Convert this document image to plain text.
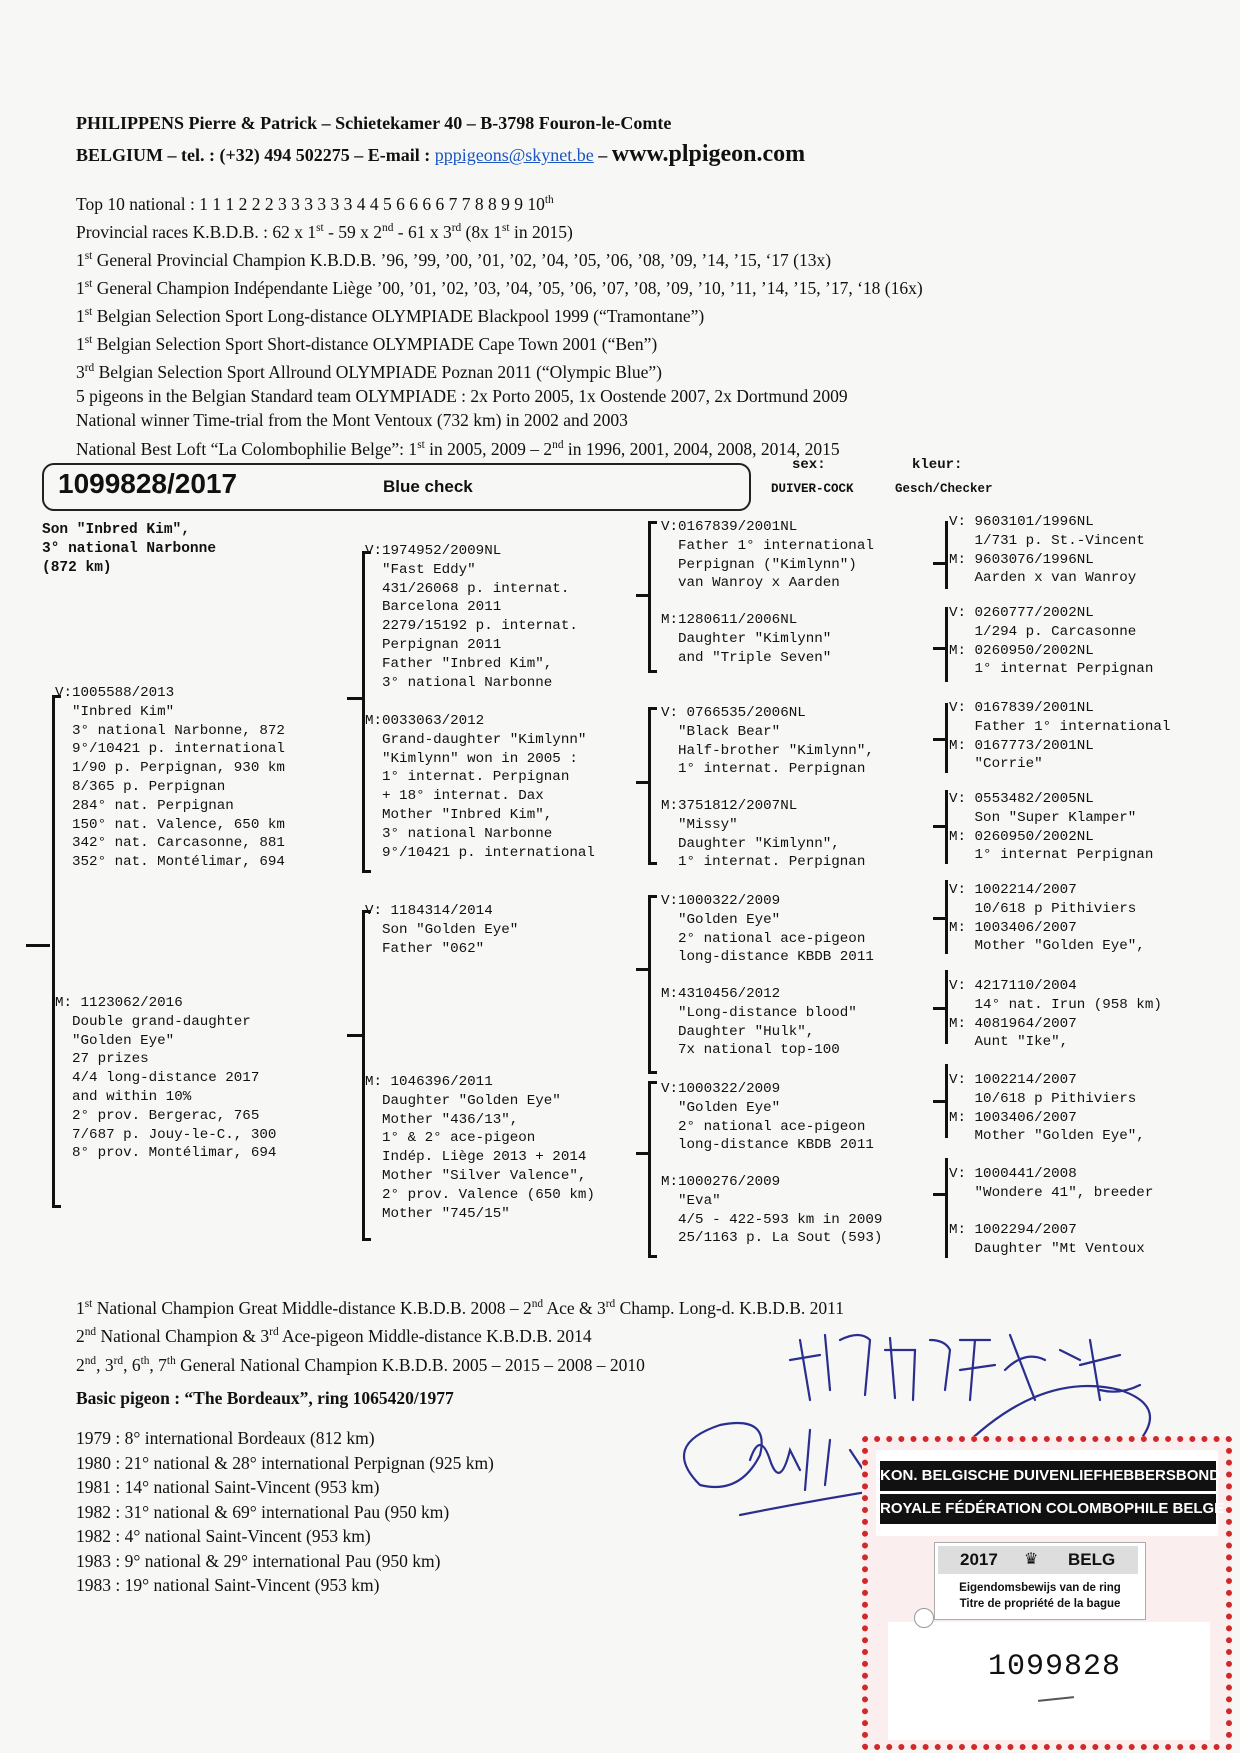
PHILIPPENS Pierre & Patrick – Schietekamer 40 – B-3798 Fouron-le-Comte
BELGIUM – tel. : (+32) 494 502275 – E-mail : pppigeons@skynet.be – www.plpigeon.com
Top 10 national : 1 1 1 2 2 2 3 3 3 3 3 3 4 4 5 6 6 6 6 7 7 8 8 9 9 10th
Provincial races K.B.D.B. : 62 x 1st - 59 x 2nd - 61 x 3rd (8x 1st in 2015)
1st General Provincial Champion K.B.D.B. ’96, ’99, ’00, ’01, ’02, ’04, ’05, ’06, ’08, ’09, ’14, ’15, ‘17 (13x)
1st General Champion Indépendante Liège ’00, ’01, ’02, ’03, ’04, ’05, ’06, ’07, ’08, ’09, ’10, ’11, ’14, ’15, ’17, ‘18 (16x)
1st Belgian Selection Sport Long-distance OLYMPIADE Blackpool 1999 (“Tramontane”)
1st Belgian Selection Sport Short-distance OLYMPIADE Cape Town 2001 (“Ben”)
3rd Belgian Selection Sport Allround OLYMPIADE Poznan 2011 (“Olympic Blue”)
5 pigeons in the Belgian Standard team OLYMPIADE : 2x Porto 2005, 1x Oostende 2007, 2x Dortmund 2009
National winner Time-trial from the Mont Ventoux (732 km) in 2002 and 2003
National Best Loft “La Colombophilie Belge”: 1st in 2005, 2009 – 2nd in 1996, 2001, 2004, 2008, 2014, 2015
1099828/2017	Blue check
sex:
DUIVER-COCK
kleur:
Gesch/Checker
Son "Inbred Kim",
3° national Narbonne
(872 km)
V:1005588/2013
"Inbred Kim"
3° national Narbonne, 872
9°/10421 p. international
1/90 p. Perpignan, 930 km
8/365 p. Perpignan
284° nat. Perpignan
150° nat. Valence, 650 km
342° nat. Carcasonne, 881
352° nat. Montélimar, 694
M: 1123062/2016
Double grand-daughter
"Golden Eye"
27 prizes
4/4 long-distance 2017
and within 10%
2° prov. Bergerac, 765
7/687 p. Jouy-le-C., 300
8° prov. Montélimar, 694
V:1974952/2009NL
"Fast Eddy"
431/26068 p. internat.
Barcelona 2011
2279/15192 p. internat.
Perpignan 2011
Father "Inbred Kim",
3° national Narbonne
M:0033063/2012
Grand-daughter "Kimlynn"
"Kimlynn" won in 2005 :
1° internat. Perpignan
+ 18° internat. Dax
Mother "Inbred Kim",
3° national Narbonne
9°/10421 p. international
V: 1184314/2014
Son "Golden Eye"
Father "062"
M: 1046396/2011
Daughter "Golden Eye"
Mother "436/13",
1° & 2° ace-pigeon
Indép. Liège 2013 + 2014
Mother "Silver Valence",
2° prov. Valence (650 km)
Mother "745/15"
V:0167839/2001NL
Father 1° international
Perpignan ("Kimlynn")
van Wanroy x Aarden
M:1280611/2006NL
Daughter "Kimlynn"
and "Triple Seven"
V: 0766535/2006NL
"Black Bear"
Half-brother "Kimlynn",
1° internat. Perpignan
M:3751812/2007NL
"Missy"
Daughter "Kimlynn",
1° internat. Perpignan
V:1000322/2009
"Golden Eye"
2° national ace-pigeon
long-distance KBDB 2011
M:4310456/2012
"Long-distance blood"
Daughter "Hulk",
7x national top-100
V:1000322/2009
"Golden Eye"
2° national ace-pigeon
long-distance KBDB 2011
M:1000276/2009
"Eva"
4/5 - 422-593 km in 2009
25/1163 p. La Sout (593)
V: 9603101/1996NL
1/731 p. St.-Vincent
M: 9603076/1996NL
Aarden x van Wanroy
V: 0260777/2002NL
1/294 p. Carcasonne
M: 0260950/2002NL
1° internat Perpignan
V: 0167839/2001NL
Father 1° international
M: 0167773/2001NL
"Corrie"
V: 0553482/2005NL
Son "Super Klamper"
M: 0260950/2002NL
1° internat Perpignan
V: 1002214/2007
10/618 p Pithiviers
M: 1003406/2007
Mother "Golden Eye",
V: 4217110/2004
14° nat. Irun (958 km)
M: 4081964/2007
Aunt "Ike",
V: 1002214/2007
10/618 p Pithiviers
M: 1003406/2007
Mother "Golden Eye",
V: 1000441/2008
"Wondere 41", breeder

M: 1002294/2007
Daughter "Mt Ventoux
1st National Champion Great Middle-distance K.B.D.B. 2008 – 2nd Ace & 3rd Champ. Long-d. K.B.D.B. 2011
2nd National Champion & 3rd Ace-pigeon Middle-distance K.B.D.B. 2014
2nd, 3rd, 6th, 7th General National Champion K.B.D.B. 2005 – 2015 – 2008 – 2010
Basic pigeon : “The Bordeaux”, ring 1065420/1977
1979 : 8° international Bordeaux (812 km)
1980 : 21° national & 28° international Perpignan (925 km)
1981 : 14° national Saint-Vincent (953 km)
1982 : 31° national & 69° international Pau (950 km)
1982 : 4° national Saint-Vincent (953 km)
1983 : 9° national & 29° international Pau (950 km)
1983 : 19° national Saint-Vincent (953 km)
KON. BELGISCHE DUIVENLIEFHEBBERSBOND
ROYALE FÉDÉRATION COLOMBOPHILE BELGE
2017 ♛ BELG
Eigendomsbewijs van de ring
Titre de propriété de la bague
1099828
